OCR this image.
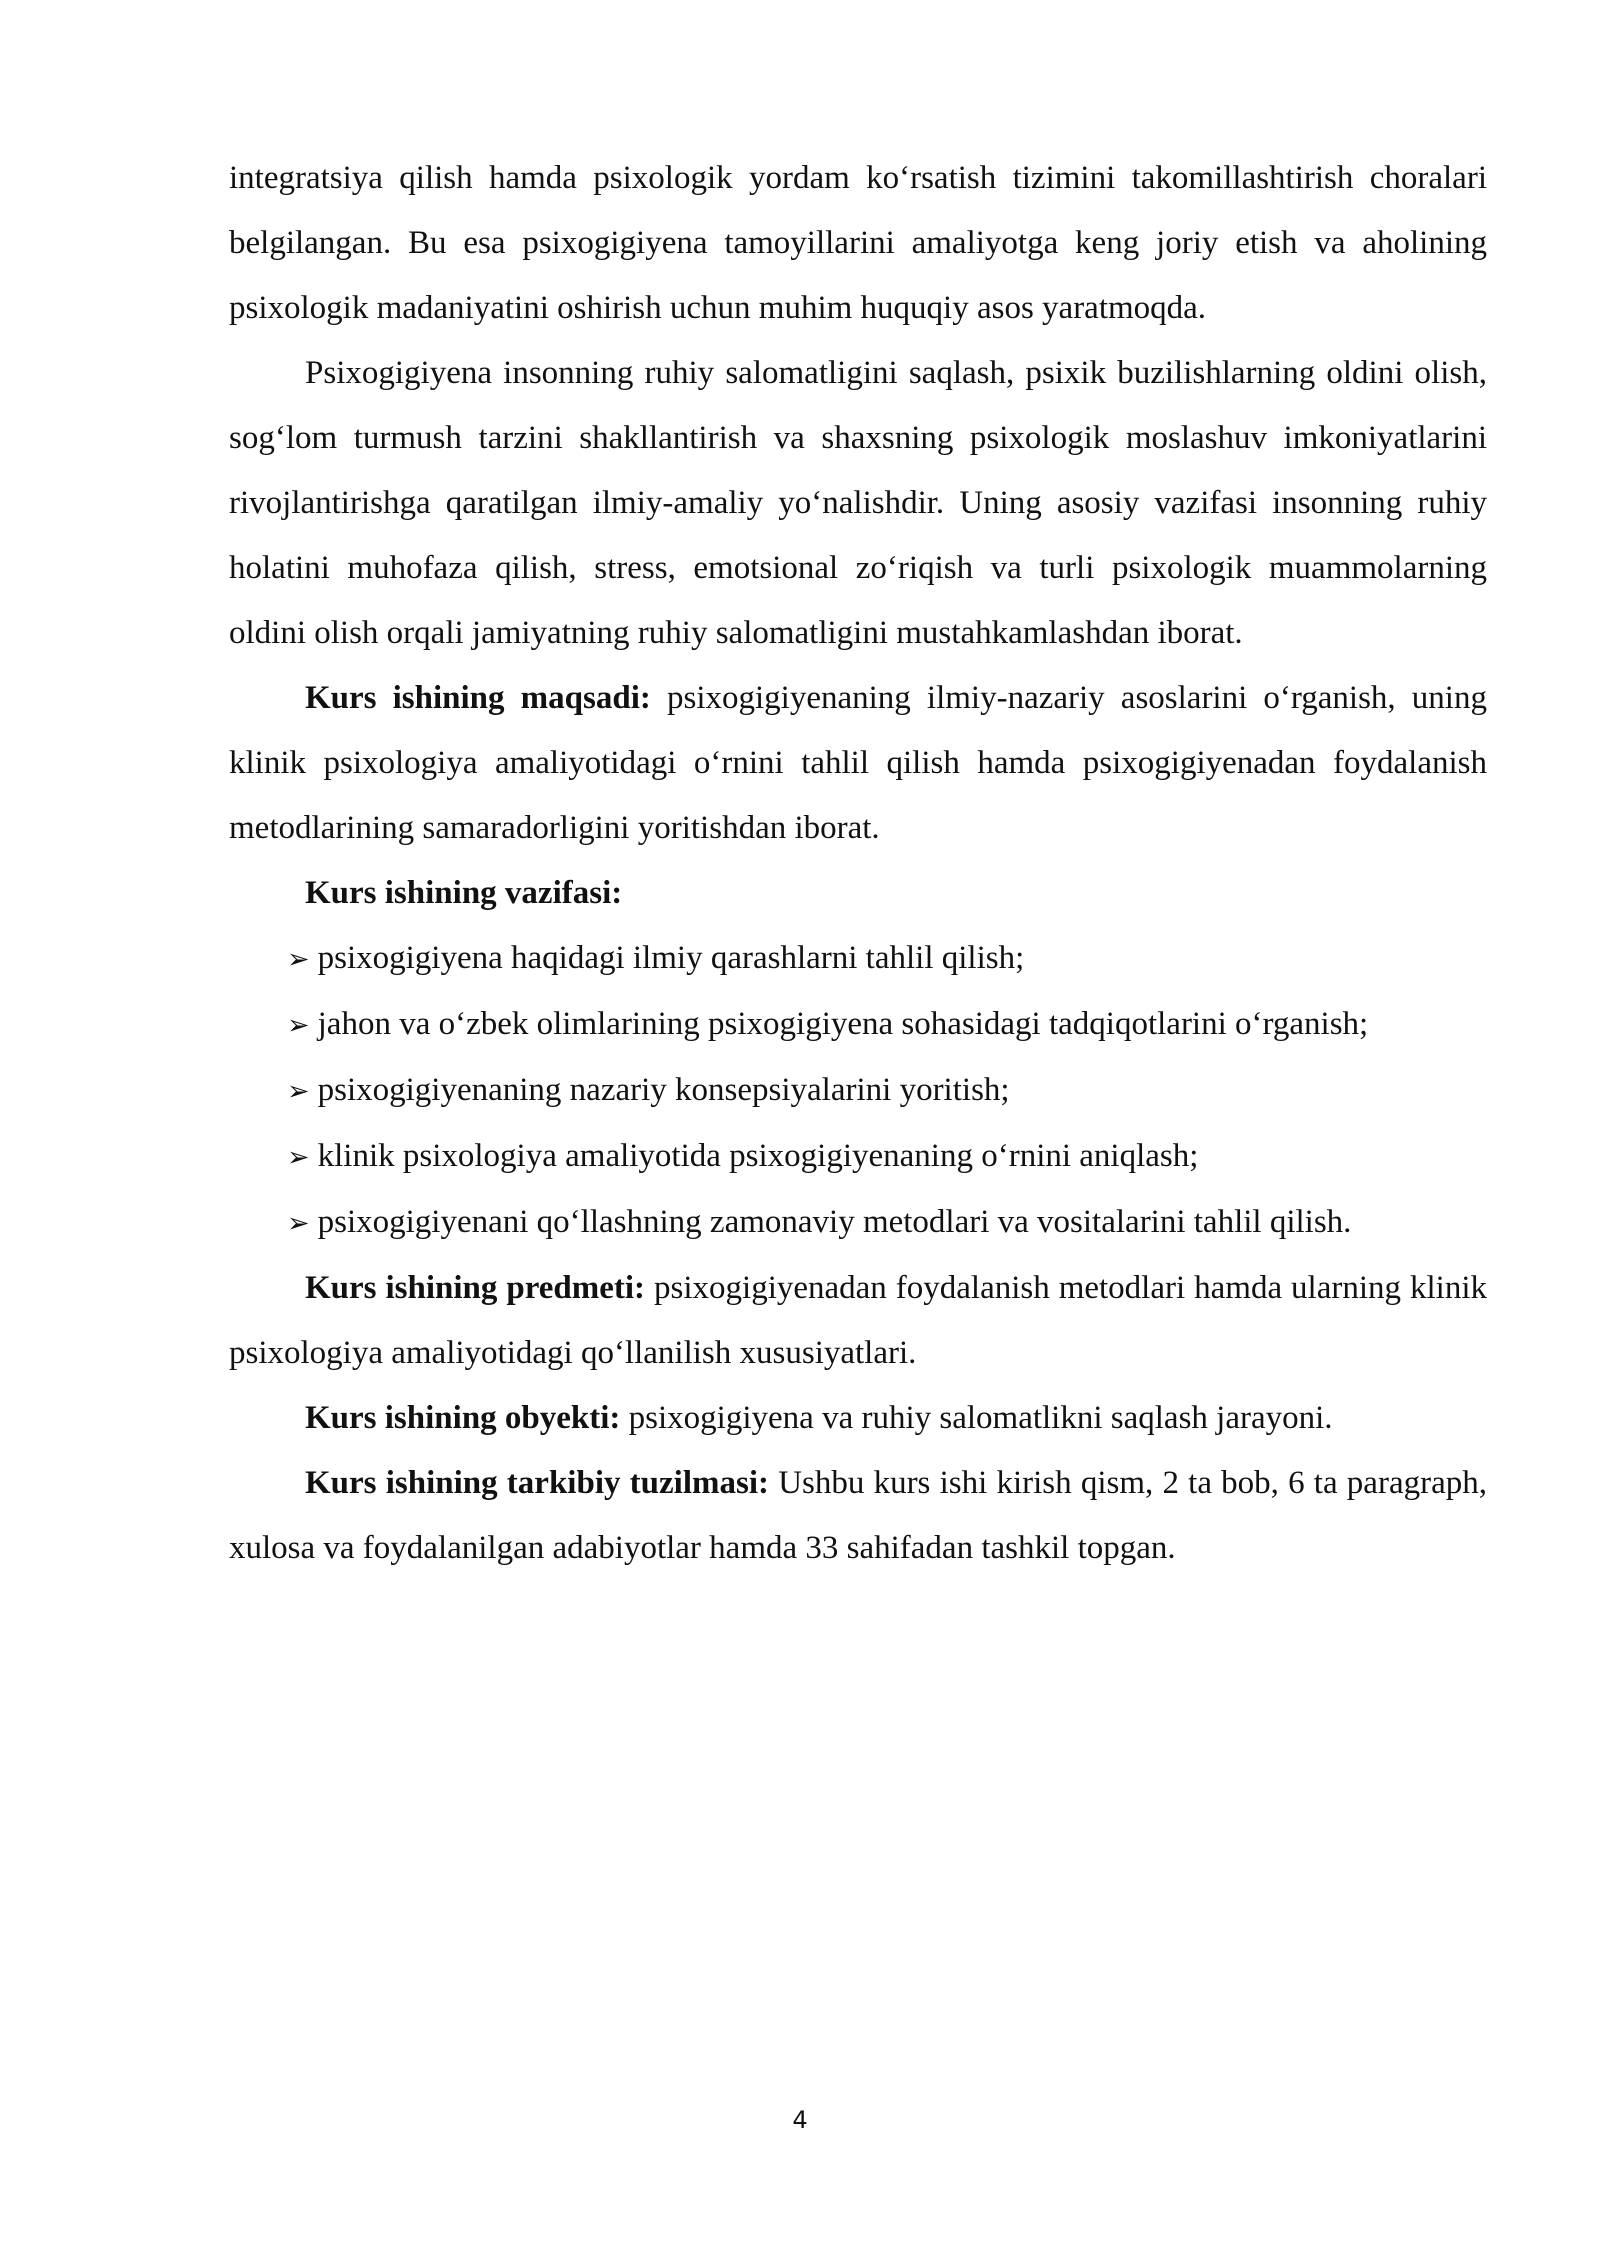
integratsiya qilish hamda psixologik yordam ko‘rsatish tizimini takomillashtirish choralari belgilangan. Bu esa psixogigiyena tamoyillarini amaliyotga keng joriy etish va aholining psixologik madaniyatini oshirish uchun muhim huquqiy asos yaratmoqda.

Psixogigiyena insonning ruhiy salomatligini saqlash, psixik buzilishlarning oldini olish, sog‘lom turmush tarzini shakllantirish va shaxsning psixologik moslashuv imkoniyatlarini rivojlantirishga qaratilgan ilmiy-amaliy yo‘nalishdir. Uning asosiy vazifasi insonning ruhiy holatini muhofaza qilish, stress, emotsional zo‘riqish va turli psixologik muammolarning oldini olish orqali jamiyatning ruhiy salomatligini mustahkamlashdan iborat.

Kurs ishining maqsadi: psixogigiyenaning ilmiy-nazariy asoslarini o‘rganish, uning klinik psixologiya amaliyotidagi o‘rnini tahlil qilish hamda psixogigiyenadan foydalanish metodlarining samaradorligini yoritishdan iborat.

Kurs ishining vazifasi:

➢ psixogigiyena haqidagi ilmiy qarashlarni tahlil qilish;

➢ jahon va o‘zbek olimlarining psixogigiyena sohasidagi tadqiqotlarini o‘rganish;

➢ psixogigiyenaning nazariy konsepsiyalarini yoritish;

➢ klinik psixologiya amaliyotida psixogigiyenaning o‘rnini aniqlash;

➢ psixogigiyenani qo‘llashning zamonaviy metodlari va vositalarini tahlil qilish.

Kurs ishining predmeti: psixogigiyenadan foydalanish metodlari hamda ularning klinik psixologiya amaliyotidagi qo‘llanilish xususiyatlari.

Kurs ishining obyekti: psixogigiyena va ruhiy salomatlikni saqlash jarayoni.

Kurs ishining tarkibiy tuzilmasi: Ushbu kurs ishi kirish qism, 2 ta bob, 6 ta paragraph, xulosa va foydalanilgan adabiyotlar hamda 33 sahifadan tashkil topgan.

4
